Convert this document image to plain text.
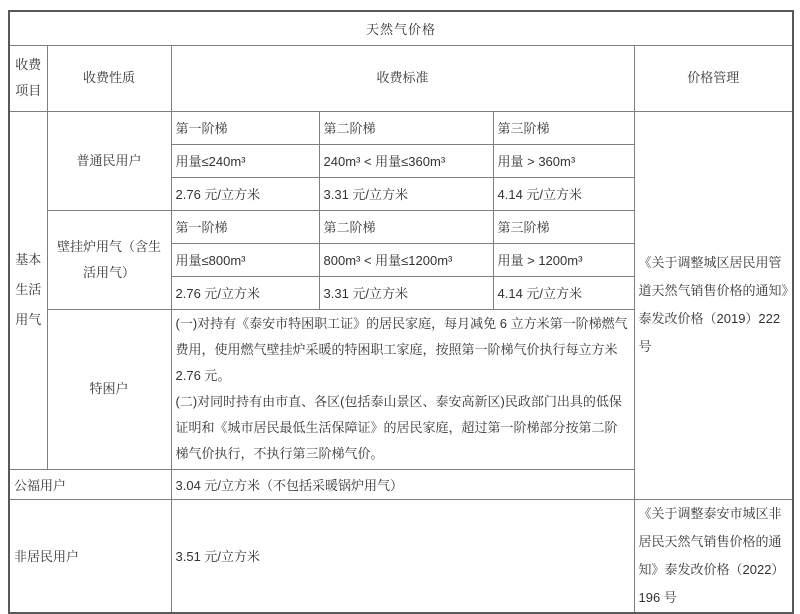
天然气价格					
收费项目	收费性质	收费标准			价格管理
基本生活用气	普通民用户	第一阶梯	第二阶梯	第三阶梯	《关于调整城区居民用管道天然气销售价格的通知》泰发改价格（2019）222 号
		用量≤240m³	240m³ < 用量≤360m³	用量 > 360m³	
		2.76 元/立方米	3.31 元/立方米	4.14 元/立方米	
	壁挂炉用气（含生活用气）	第一阶梯	第二阶梯	第三阶梯	
		用量≤800m³	800m³ < 用量≤1200m³	用量 > 1200m³	
		2.76 元/立方米	3.31 元/立方米	4.14 元/立方米	
	特困户	(一)对持有《泰安市特困职工证》的居民家庭，每月减免 6 立方米第一阶梯燃气费用，使用燃气壁挂炉采暖的特困职工家庭，按照第一阶梯气价执行每立方米 2.76 元。
(二)对同时持有由市直、各区(包括泰山景区、泰安高新区)民政部门出具的低保证明和《城市居民最低生活保障证》的居民家庭，超过第一阶梯部分按第二阶梯气价执行，不执行第三阶梯气价。			

公福用户		3.04 元/立方米（不包括采暖锅炉用气）			
非居民用户		3.51 元/立方米			《关于调整泰安市城区非居民天然气销售价格的通知》泰发改价格（2022）196 号
